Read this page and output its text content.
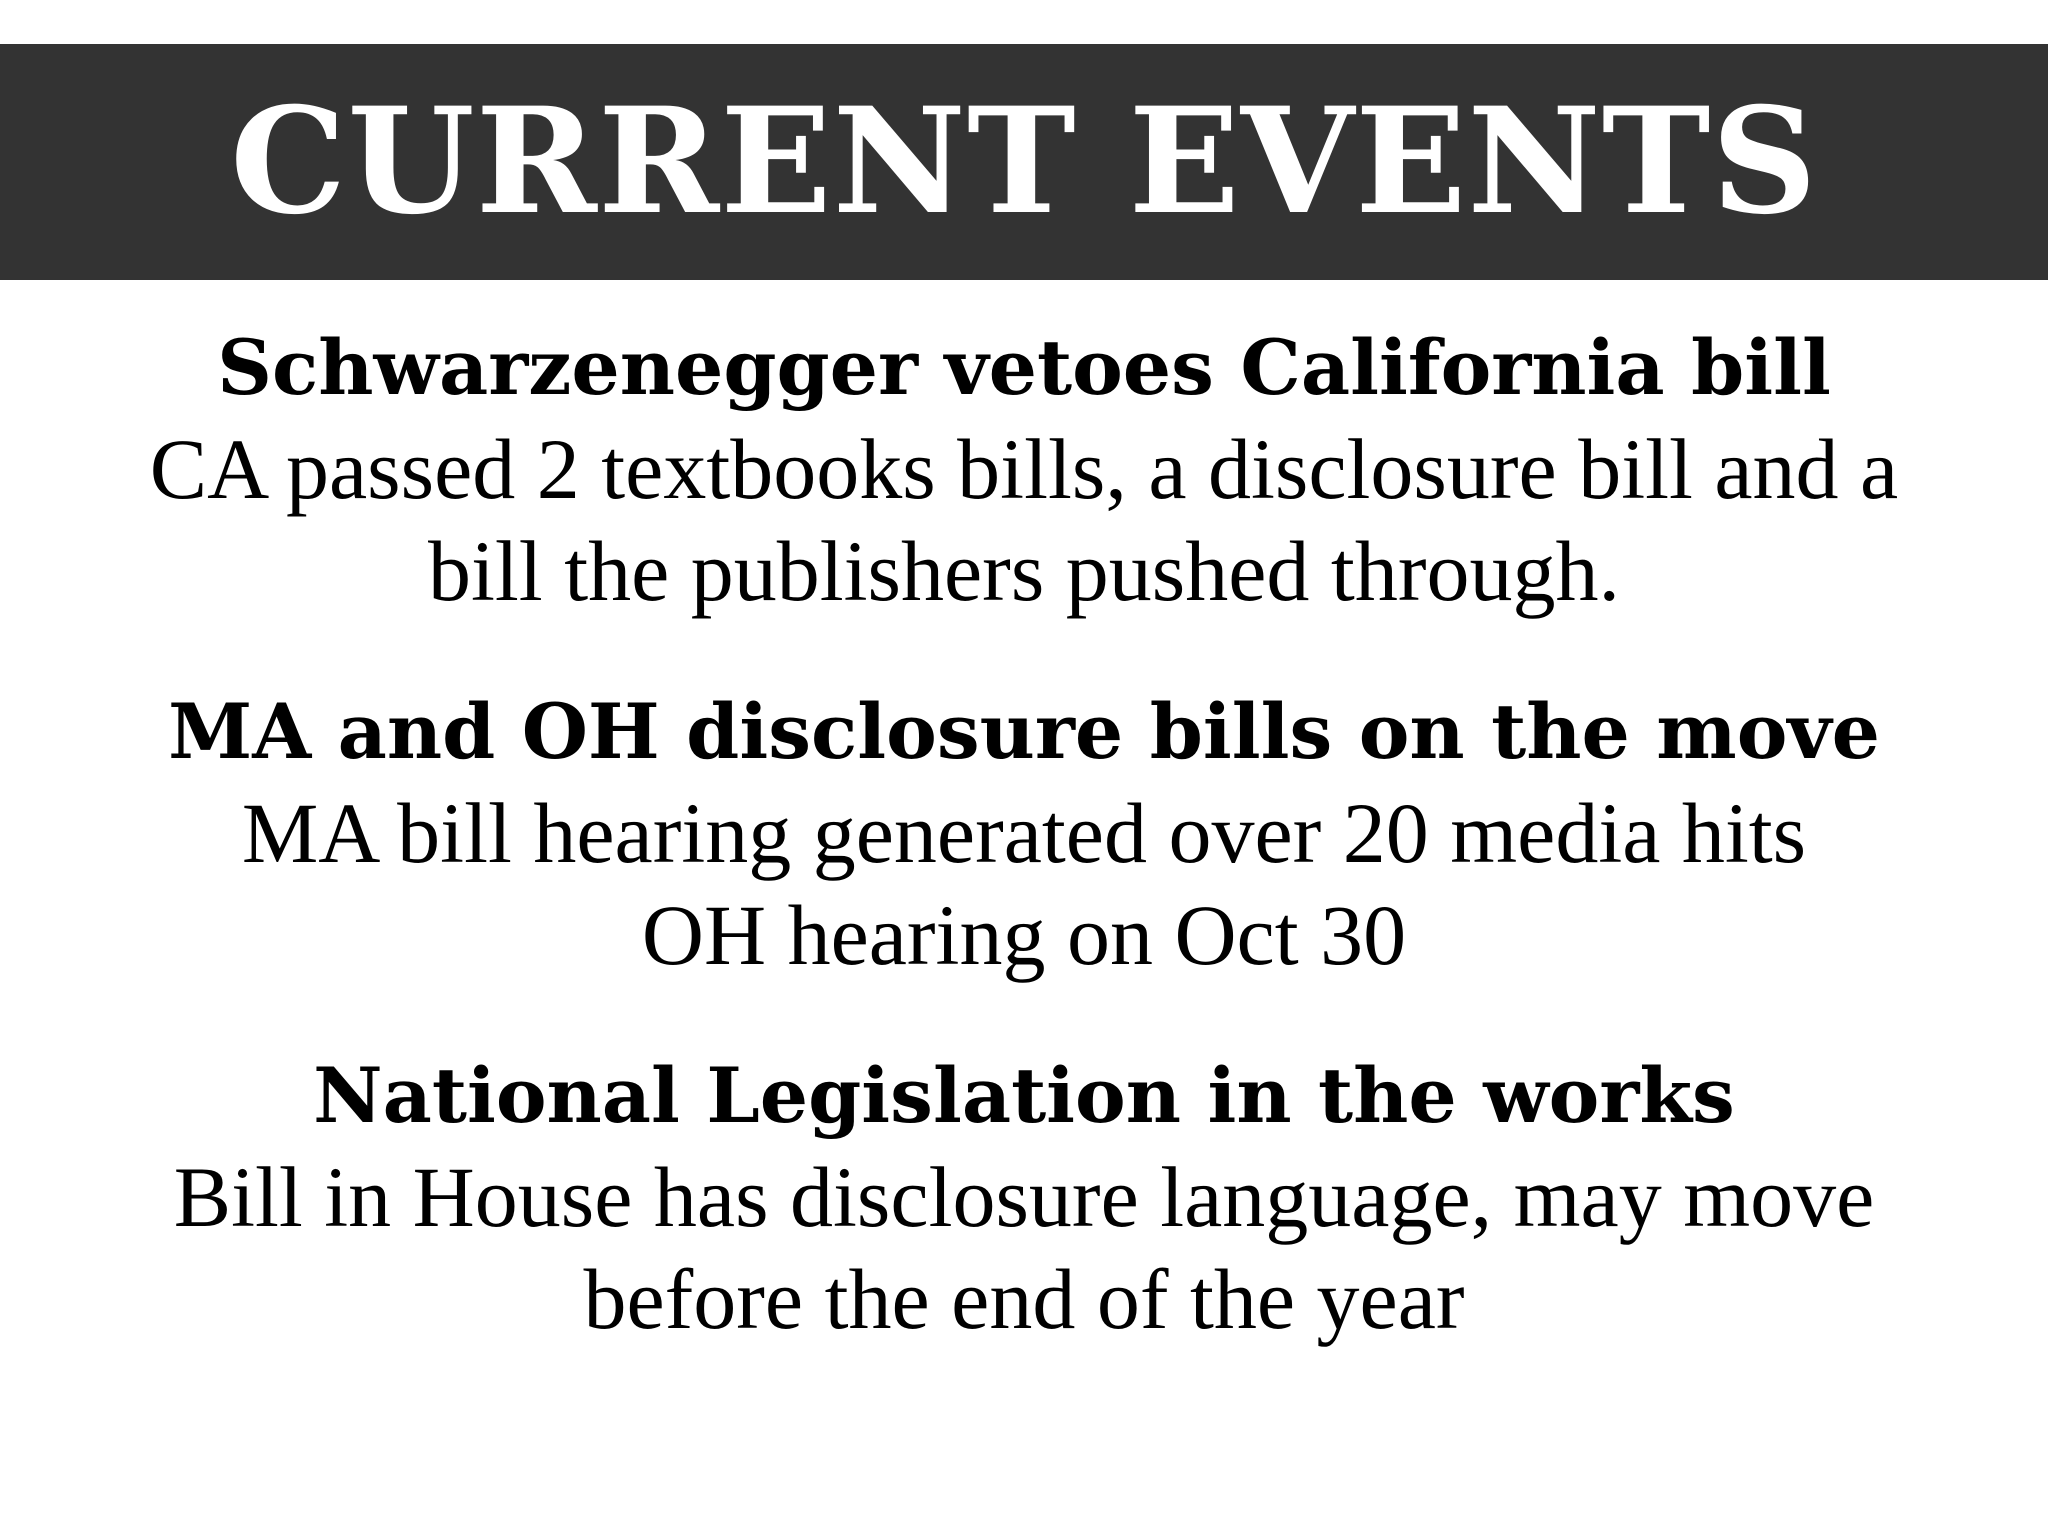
CURRENT EVENTS

Schwarzenegger vetoes California bill

CA passed 2 textbooks bills, a disclosure bill and a

bill the publishers pushed through.

MA and OH disclosure bills on the move

MA bill hearing generated over 20 media hits

OH hearing on Oct 30

National Legislation in the works

Bill in House has disclosure language, may move

before the end of the year
